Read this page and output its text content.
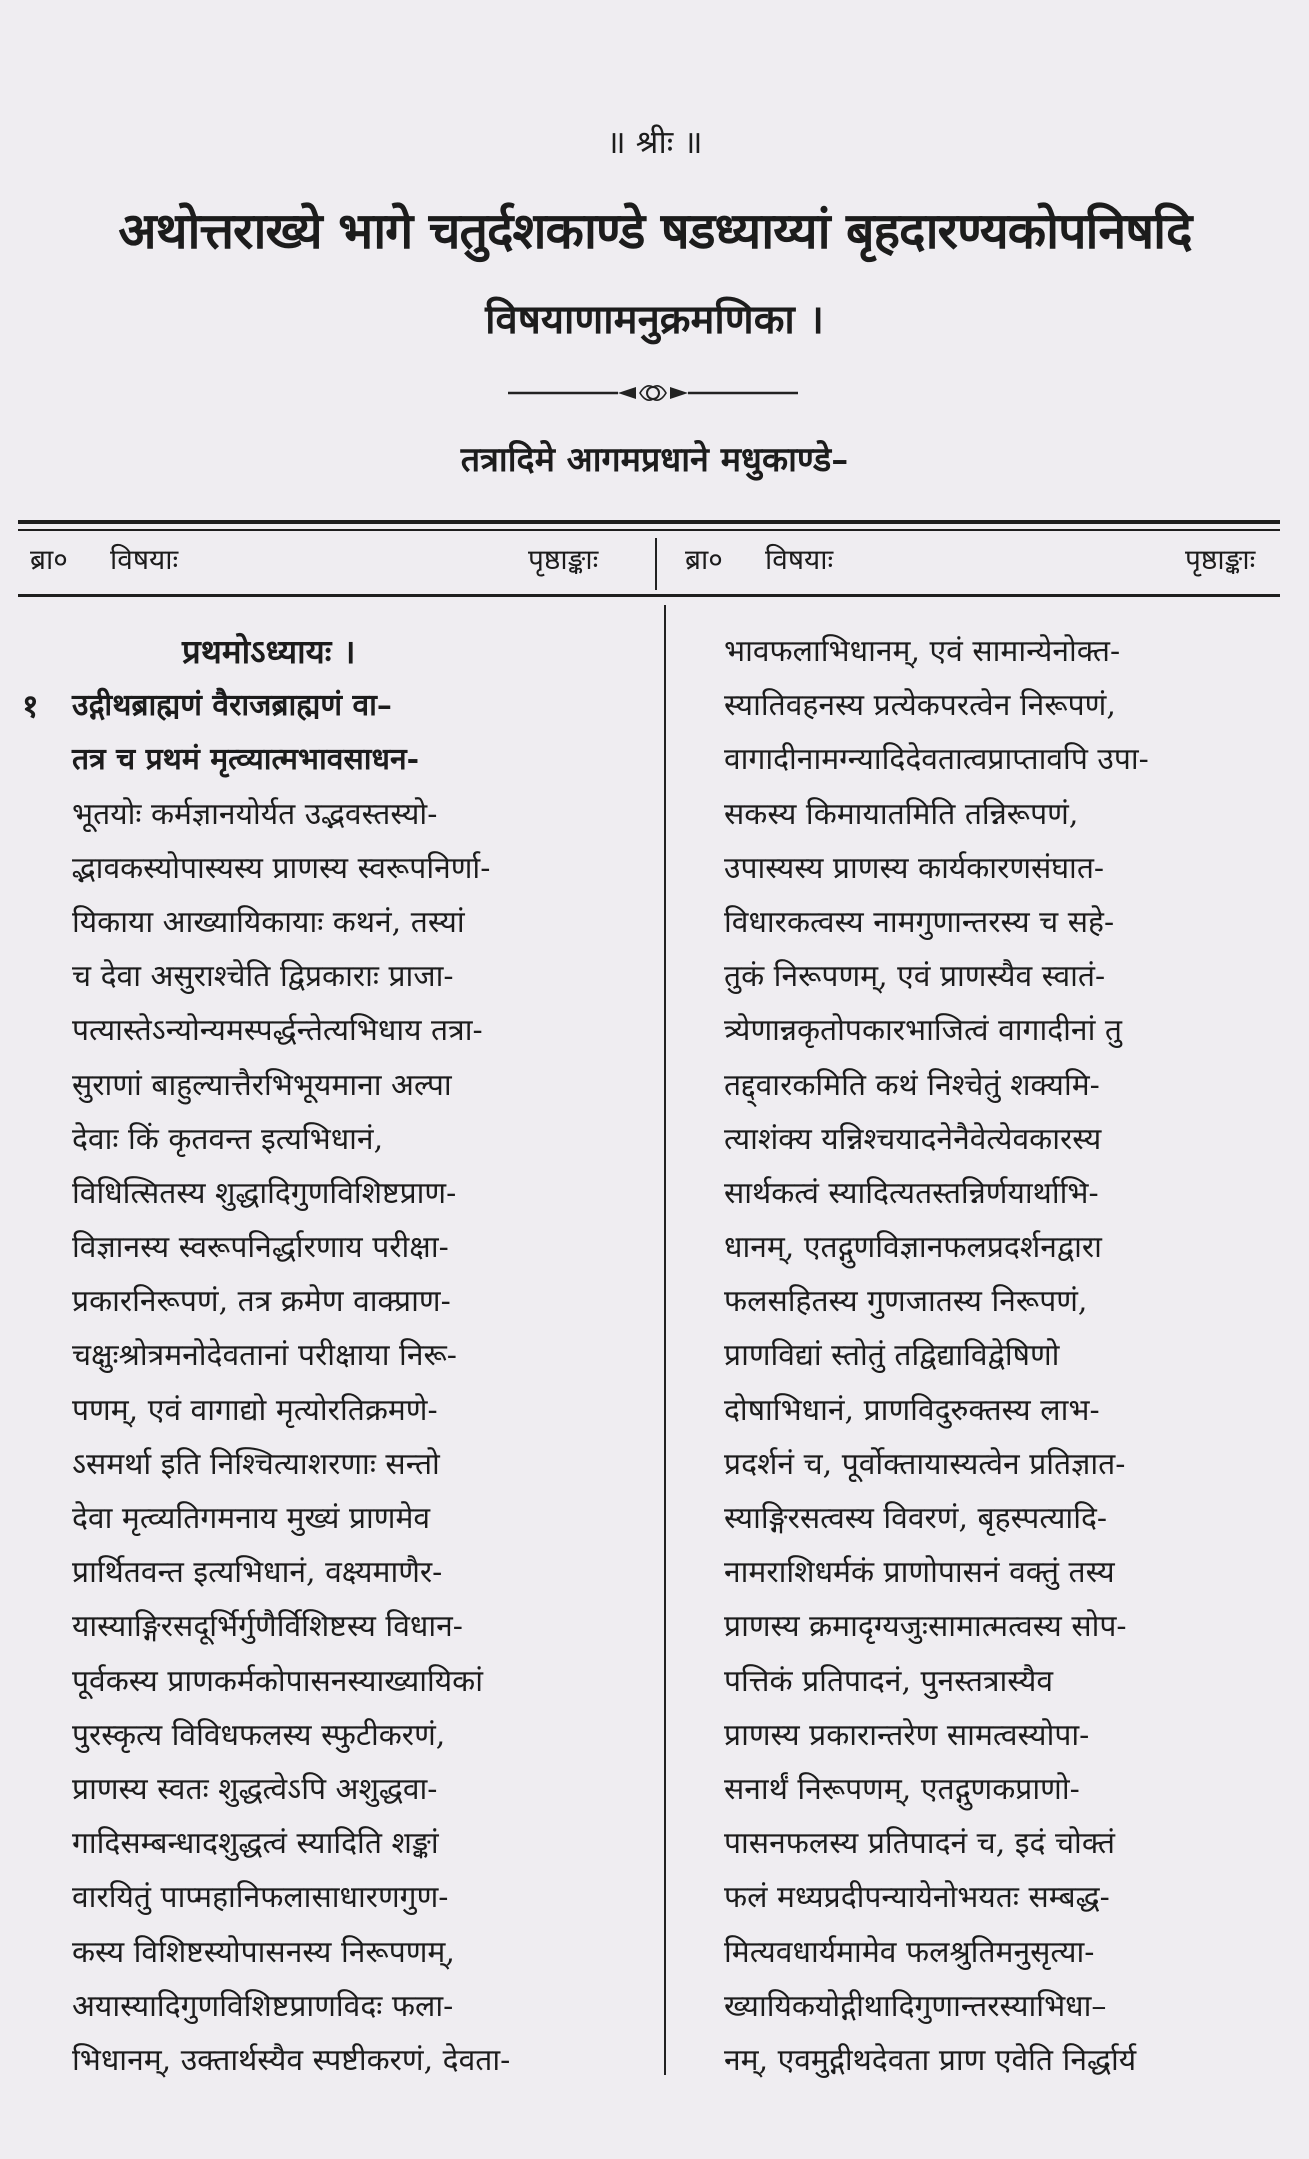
॥ श्रीः ॥
अथोत्तराख्ये भागे चतुर्दशकाण्डे षडध्याय्यां बृहदारण्यकोपनिषदि
विषयाणामनुक्रमणिका ।
तत्रादिमे आगमप्रधाने मधुकाण्डे–
ब्रा० विषयाः	पृष्ठाङ्काः	ब्रा० विषयाः	पृष्ठाङ्काः
प्रथमोऽध्यायः ।
उद्गीथब्राह्मणं वैराजब्राह्मणं वा–
१
तत्र च प्रथमं मृत्व्यात्मभावसाधन-
भूतयोः कर्मज्ञानयोर्यत उद्भवस्तस्यो-
द्भावकस्योपास्यस्य प्राणस्य स्वरूपनिर्णा-
यिकाया आख्यायिकायाः कथनं, तस्यां
च देवा असुराश्चेति द्विप्रकाराः प्राजा-
पत्यास्तेऽन्योन्यमस्पर्द्धन्तेत्यभिधाय तत्रा-
सुराणां बाहुल्यात्तैरभिभूयमाना अल्पा
देवाः किं कृतवन्त इत्यभिधानं,
विधित्सितस्य शुद्धादिगुणविशिष्टप्राण-
विज्ञानस्य स्वरूपनिर्द्धारणाय परीक्षा-
प्रकारनिरूपणं, तत्र क्रमेण वाक्प्राण-
चक्षुःश्रोत्रमनोदेवतानां परीक्षाया निरू-
पणम्, एवं वागाद्यो मृत्योरतिक्रमणे-
ऽसमर्था इति निश्चित्याशरणाः सन्तो
देवा मृत्व्यतिगमनाय मुख्यं प्राणमेव
प्रार्थितवन्त इत्यभिधानं, वक्ष्यमाणैर-
यास्याङ्गिरसदूर्भिर्गुणैर्विशिष्टस्य विधान-
पूर्वकस्य प्राणकर्मकोपासनस्याख्यायिकां
पुरस्कृत्य विविधफलस्य स्फुटीकरणं,
प्राणस्य स्वतः शुद्धत्वेऽपि अशुद्धवा-
गादिसम्बन्धादशुद्धत्वं स्यादिति शङ्कां
वारयितुं पाप्महानिफलासाधारणगुण-
कस्य विशिष्टस्योपासनस्य निरूपणम्,
अयास्यादिगुणविशिष्टप्राणविदः फला-
भिधानम्, उक्तार्थस्यैव स्पष्टीकरणं, देवता-
भावफलाभिधानम्, एवं सामान्येनोक्त-
स्यातिवहनस्य प्रत्येकपरत्वेन निरूपणं,
वागादीनामग्न्यादिदेवतात्वप्राप्तावपि उपा-
सकस्य किमायातमिति तन्निरूपणं,
उपास्यस्य प्राणस्य कार्यकारणसंघात-
विधारकत्वस्य नामगुणान्तरस्य च सहे-
तुकं निरूपणम्, एवं प्राणस्यैव स्वातं-
त्र्येणान्नकृतोपकारभाजित्वं वागादीनां तु
तद्द्वारकमिति कथं निश्चेतुं शक्यमि-
त्याशंक्य यन्निश्चयादनेनैवेत्येवकारस्य
सार्थकत्वं स्यादित्यतस्तन्निर्णयार्थाभि-
धानम्, एतद्गुणविज्ञानफलप्रदर्शनद्वारा
फलसहितस्य गुणजातस्य निरूपणं,
प्राणविद्यां स्तोतुं तद्विद्याविद्वेषिणो
दोषाभिधानं, प्राणविदुरुक्तस्य लाभ-
प्रदर्शनं च, पूर्वोक्तायास्यत्वेन प्रतिज्ञात-
स्याङ्गिरसत्वस्य विवरणं, बृहस्पत्यादि-
नामराशिधर्मकं प्राणोपासनं वक्तुं तस्य
प्राणस्य क्रमादृग्यजुःसामात्मत्वस्य सोप-
पत्तिकं प्रतिपादनं, पुनस्तत्रास्यैव
प्राणस्य प्रकारान्तरेण सामत्वस्योपा-
सनार्थं निरूपणम्, एतद्गुणकप्राणो-
पासनफलस्य प्रतिपादनं च, इदं चोक्तं
फलं मध्यप्रदीपन्यायेनोभयतः सम्बद्ध-
मित्यवधार्यमामेव फलश्रुतिमनुसृत्या-
ख्यायिकयोद्गीथादिगुणान्तरस्याभिधा–
नम्, एवमुद्गीथदेवता प्राण एवेति निर्द्धार्य
